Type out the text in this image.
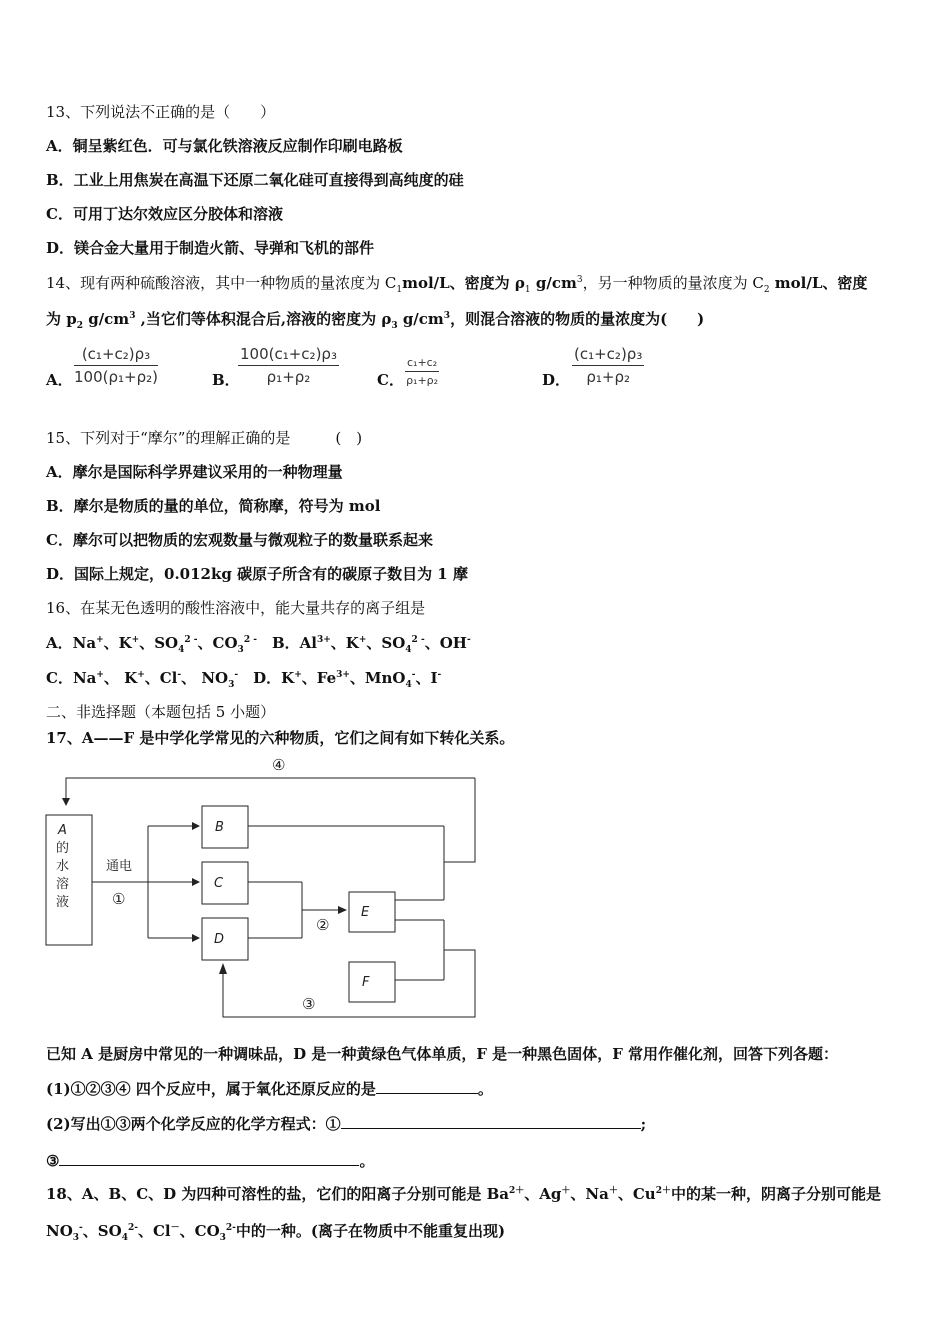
13、下列说法不正确的是（　　）
A．铜呈紫红色．可与氯化铁溶液反应制作印刷电路板
B．工业上用焦炭在高温下还原二氧化硅可直接得到高纯度的硅
C．可用丁达尔效应区分胶体和溶液
D．镁合金大量用于制造火箭、导弹和飞机的部件
14、现有两种硫酸溶液，其中一种物质的量浓度为 $C_1mol/L$、密度为 $\rho_1$ $g/cm^3$，另一种物质的量浓度为 $C_2$ mol/L、密度
为 $p_2$ $g/cm^3$ ,当它们等体积混合后,溶液的密度为 $\rho_3$ $g/cm^3$，则混合溶液的物质的量浓度为(　　)
A． $\frac{\text{(c₁+c₂)ρ₃}}{\text{100(ρ₁+ρ₂)}}$	B．
$\frac{\text{100(c₁+c₂)ρ₃}}{\text{ρ₁+ρ₂}}$	C． $\frac{\text{c₁+c₂}}{\text{ρ₁+ρ₂}}$	D． $\frac{\text{(c₁+c₂)ρ₃}}{\text{ρ₁+ρ₂}}$
15、下列对于“摩尔”的理解正确的是　　　(　)
A．摩尔是国际科学界建议采用的一种物理量
B．摩尔是物质的量的单位，简称摩，符号为 mol
C．摩尔可以把物质的宏观数量与微观粒子的数量联系起来
D．国际上规定，0.012kg 碳原子所含有的碳原子数目为 1 摩
16、在某无色透明的酸性溶液中，能大量共存的离子组是
A．Na+、K+、$SO_4^{2 -}$、$CO_3^{2 -}$　B．$Al^{3+}$、K+、$SO_4^{2 -}$、OH-
C．Na+、 K+、Cl-、 $NO_3^-$　D．K+、$Fe^{3+}$、MnO$_4$-、I-
二、非选择题（本题包括 5 小题）
17、A——F 是中学化学常见的六种物质，它们之间有如下转化关系。
A
的
水
溶
液
通电
①
②
③
④
B
C
D
E
F
已知 A 是厨房中常见的一种调味品，D 是一种黄绿色气体单质，F 是一种黑色固体，F 常用作催化剂，回答下列各题：
(1)①②③④ 四个反应中，属于氧化还原反应的是	。
(2)写出①③两个化学反应的化学方程式：①	;
③	。
18、A、B、C、D 为四种可溶性的盐，它们的阳离子分别可能是 $Ba^{2+}$、Ag＋、Na＋、$Cu^{2+}$中的某一种，阴离子分别可能是
$NO_3^-$、$SO_4^{2-}$、Cl－、$CO_3^{2-}$中的一种。(离子在物质中不能重复出现)
